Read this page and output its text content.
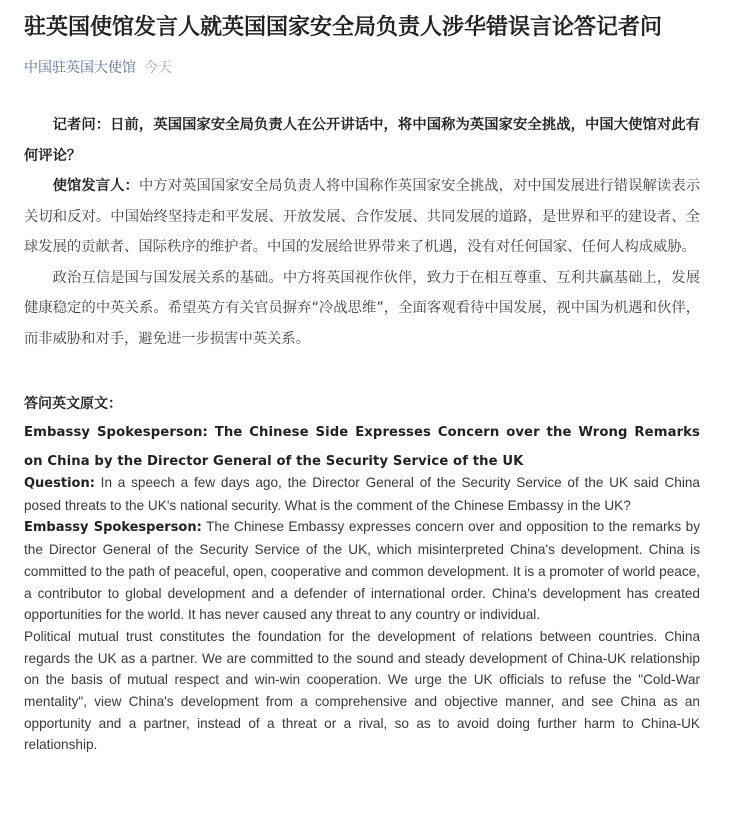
驻英国使馆发言人就英国国家安全局负责人涉华错误言论答记者问
中国驻英国大使馆 今天

记者问：日前，英国国家安全局负责人在公开讲话中，将中国称为英国家安全挑战，中国大使馆对此有何评论？

使馆发言人：中方对英国国家安全局负责人将中国称作英国家安全挑战，对中国发展进行错误解读表示关切和反对。中国始终坚持走和平发展、开放发展、合作发展、共同发展的道路，是世界和平的建设者、全球发展的贡献者、国际秩序的维护者。中国的发展给世界带来了机遇，没有对任何国家、任何人构成威胁。

政治互信是国与国发展关系的基础。中方将英国视作伙伴，致力于在相互尊重、互利共赢基础上，发展健康稳定的中英关系。希望英方有关官员摒弃“冷战思维”，全面客观看待中国发展，视中国为机遇和伙伴，而非威胁和对手，避免进一步损害中英关系。

答问英文原文：
Embassy Spokesperson: The Chinese Side Expresses Concern over the Wrong Remarks on China by the Director General of the Security Service of the UK

Question: In a speech a few days ago, the Director General of the Security Service of the UK said China posed threats to the UK's national security. What is the comment of the Chinese Embassy in the UK?

Embassy Spokesperson: The Chinese Embassy expresses concern over and opposition to the remarks by the Director General of the Security Service of the UK, which misinterpreted China's development. China is committed to the path of peaceful, open, cooperative and common development. It is a promoter of world peace, a contributor to global development and a defender of international order. China's development has created opportunities for the world. It has never caused any threat to any country or individual.

Political mutual trust constitutes the foundation for the development of relations between countries. China regards the UK as a partner. We are committed to the sound and steady development of China-UK relationship on the basis of mutual respect and win-win cooperation. We urge the UK officials to refuse the "Cold-War mentality", view China's development from a comprehensive and objective manner, and see China as an opportunity and a partner, instead of a threat or a rival, so as to avoid doing further harm to China-UK relationship.
